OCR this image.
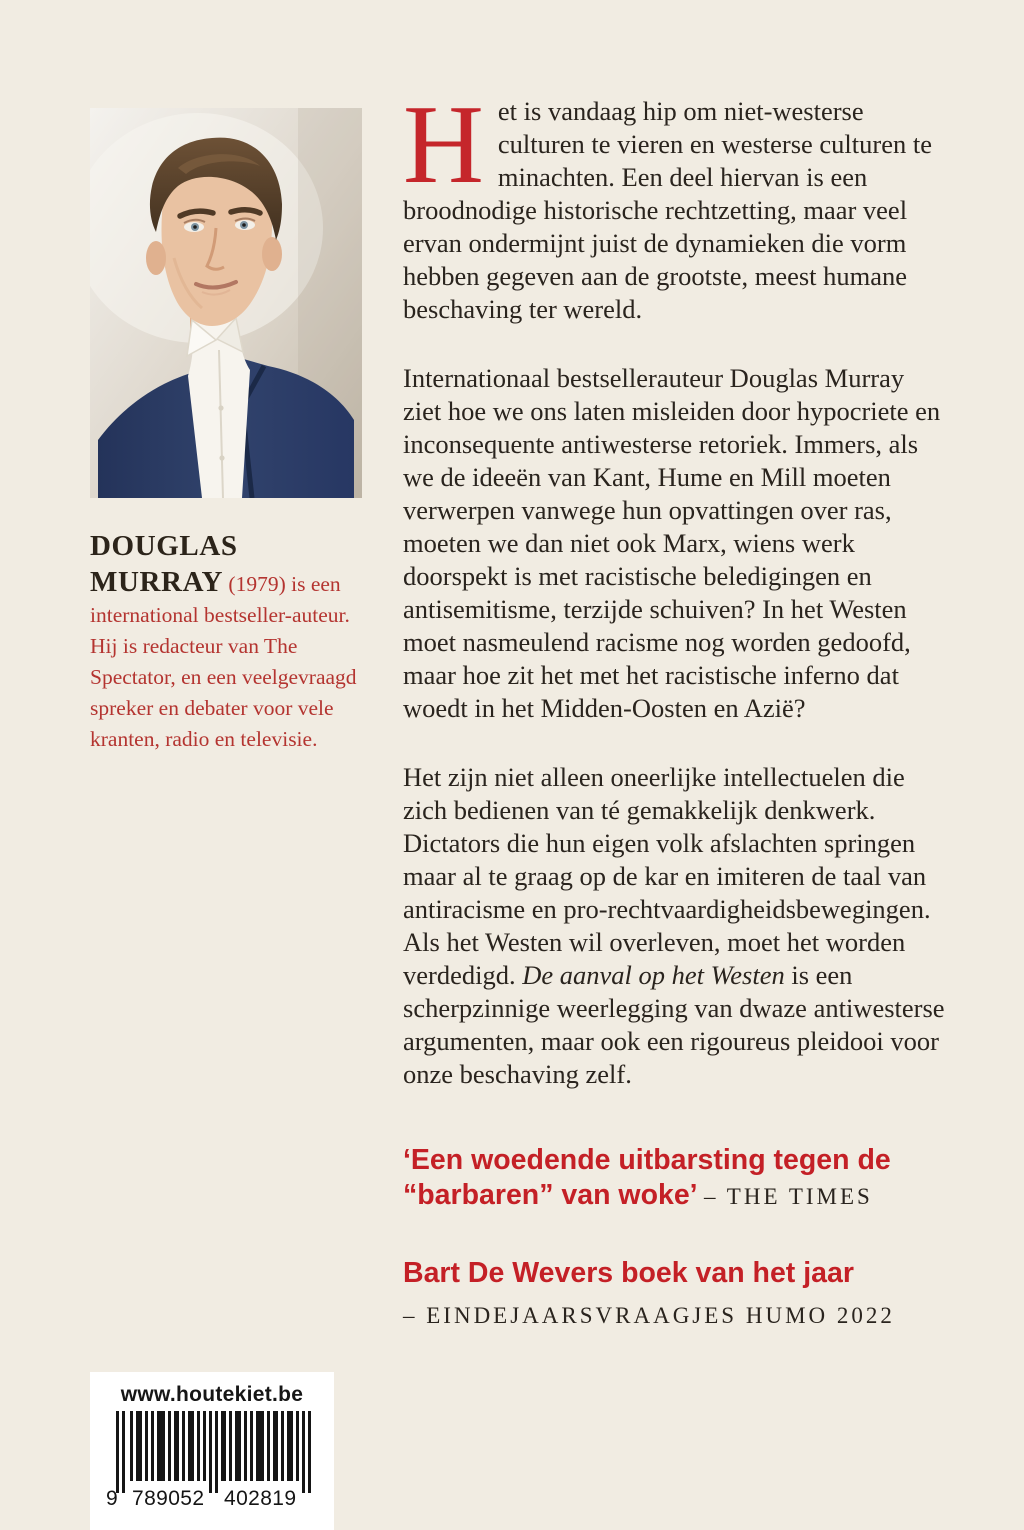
DOUGLAS MURRAY (1979) is een international bestseller-auteur. Hij is redacteur van The Spectator, en een veelgevraagd spreker en debater voor vele kranten, radio en televisie.

Het is vandaag hip om niet-westerse culturen te vieren en westerse culturen te minachten. Een deel hiervan is een broodnodige historische rechtzetting, maar veel ervan ondermijnt juist de dynamieken die vorm hebben gegeven aan de grootste, meest humane beschaving ter wereld.

Internationaal bestsellerauteur Douglas Murray ziet hoe we ons laten misleiden door hypocriete en inconsequente antiwesterse retoriek. Immers, als we de ideeën van Kant, Hume en Mill moeten verwerpen vanwege hun opvattingen over ras, moeten we dan niet ook Marx, wiens werk doorspekt is met racistische beledigingen en antisemitisme, terzijde schuiven? In het Westen moet nasmeulend racisme nog worden gedoofd, maar hoe zit het met het racistische inferno dat woedt in het Midden-Oosten en Azië?

Het zijn niet alleen oneerlijke intellectuelen die zich bedienen van té gemakkelijk denkwerk. Dictators die hun eigen volk afslachten springen maar al te graag op de kar en imiteren de taal van antiracisme en pro-rechtvaardigheidsbewegingen. Als het Westen wil overleven, moet het worden verdedigd. De aanval op het Westen is een scherpzinnige weerlegging van dwaze antiwesterse argumenten, maar ook een rigoureus pleidooi voor onze beschaving zelf.

‘Een woedende uitbarsting tegen de “barbaren” van woke’ – THE TIMES
Bart De Wevers boek van het jaar
– EINDEJAARSVRAAGJES HUMO 2022
www.houtekiet.be
9 789052 402819
